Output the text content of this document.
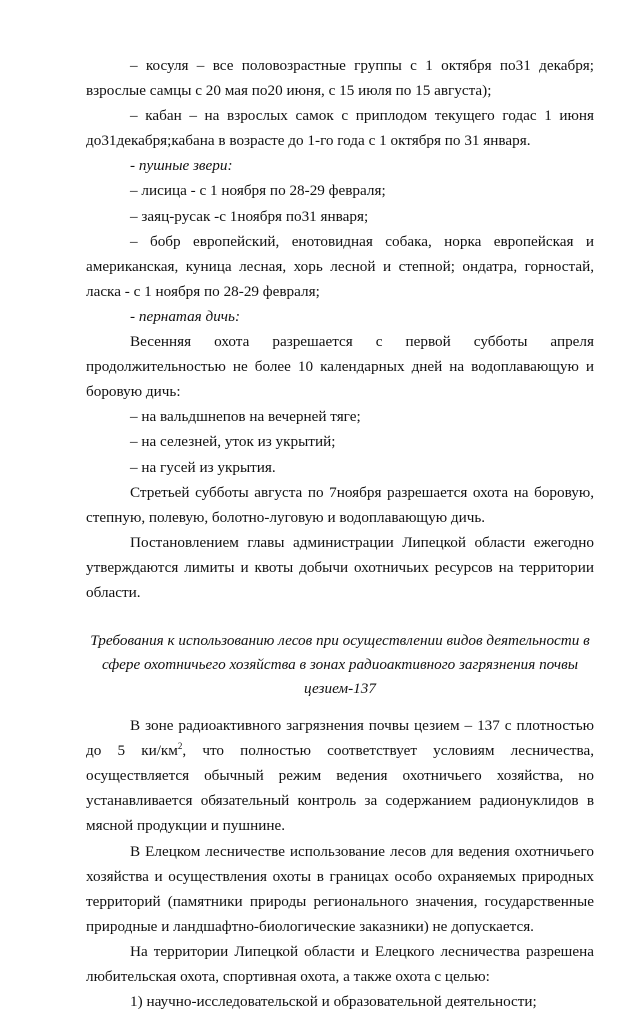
– косуля – все половозрастные группы с 1 октября по31 декабря;

взрослые самцы с 20 мая по20 июня, с 15 июля по 15 августа);

– кабан – на взрослых самок с приплодом текущего годас 1 июня

до31декабря;кабана в возрасте до 1-го года с 1 октября по 31 января.

- пушные звери:

– лисица - с 1 ноября по 28-29 февраля;

– заяц-русак -с 1ноября по31 января;

– бобр европейский, енотовидная собака, норка европейская и

американская, куница лесная, хорь лесной и степной; ондатра, горностай,

ласка - с 1 ноября по 28-29 февраля;

- пернатая дичь:

Весенняя охота разрешается с первой субботы апреля

продолжительностью не более 10 календарных дней на водоплавающую и

боровую дичь:

– на вальдшнепов на вечерней тяге;

– на селезней, уток из укрытий;

– на гусей из укрытия.

Стретьей субботы августа по 7ноября разрешается охота на боровую,

степную, полевую, болотно-луговую и водоплавающую дичь.

Постановлением главы администрации Липецкой области ежегодно

утверждаются лимиты и квоты добычи охотничьих ресурсов на территории

области.

Требования к использованию лесов при осуществлении видов деятельности в сфере охотничьего хозяйства в зонах радиоактивного загрязнения почвы цезием-137

В зоне радиоактивного загрязнения почвы цезием – 137 с плотностью

до 5 $ки/км^2$, что полностью соответствует условиям лесничества,

осуществляется обычный режим ведения охотничьего хозяйства, но

устанавливается обязательный контроль за содержанием радионуклидов в

мясной продукции и пушнине.

В Елецком лесничестве использование лесов для ведения охотничьего

хозяйства и осуществления охоты в границах особо охраняемых природных

территорий (памятники природы регионального значения, государственные

природные и ландшафтно-биологические заказники) не допускается.

На территории Липецкой области и Елецкого лесничества разрешена

любительская охота, спортивная охота, а также охота с целью:

1) научно-исследовательской и образовательной деятельности;
